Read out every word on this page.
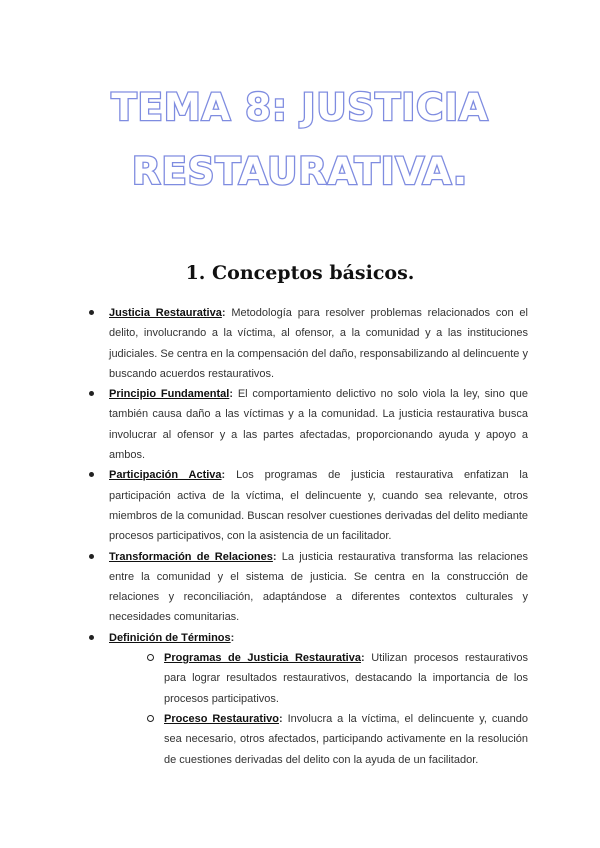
TEMA 8: JUSTICIA
RESTAURATIVA.
1. Conceptos básicos.
Justicia Restaurativa: Metodología para resolver problemas relacionados con el delito, involucrando a la víctima, al ofensor, a la comunidad y a las instituciones judiciales. Se centra en la compensación del daño, responsabilizando al delincuente y buscando acuerdos restaurativos.
Principio Fundamental: El comportamiento delictivo no solo viola la ley, sino que también causa daño a las víctimas y a la comunidad. La justicia restaurativa busca involucrar al ofensor y a las partes afectadas, proporcionando ayuda y apoyo a ambos.
Participación Activa: Los programas de justicia restaurativa enfatizan la participación activa de la víctima, el delincuente y, cuando sea relevante, otros miembros de la comunidad. Buscan resolver cuestiones derivadas del delito mediante procesos participativos, con la asistencia de un facilitador.
Transformación de Relaciones: La justicia restaurativa transforma las relaciones entre la comunidad y el sistema de justicia. Se centra en la construcción de relaciones y reconciliación, adaptándose a diferentes contextos culturales y necesidades comunitarias.
Definición de Términos:
Programas de Justicia Restaurativa: Utilizan procesos restaurativos para lograr resultados restaurativos, destacando la importancia de los procesos participativos.
Proceso Restaurativo: Involucra a la víctima, el delincuente y, cuando sea necesario, otros afectados, participando activamente en la resolución de cuestiones derivadas del delito con la ayuda de un facilitador.
